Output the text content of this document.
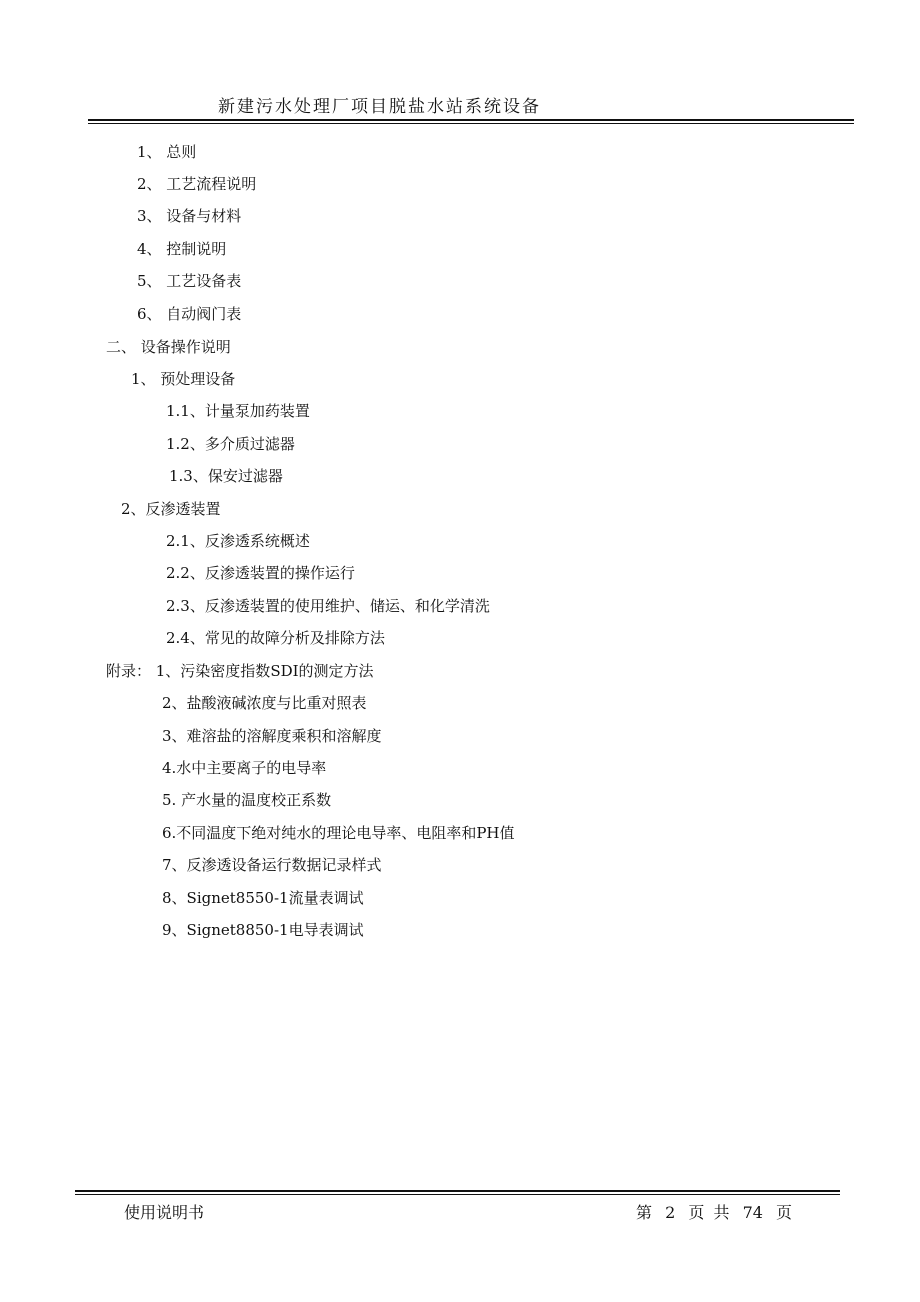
新建污水处理厂项目脱盐水站系统设备
1、 总则
2、 工艺流程说明
3、 设备与材料
4、 控制说明
5、 工艺设备表
6、 自动阀门表
二、 设备操作说明
1、 预处理设备
1.1、计量泵加药装置
1.2、多介质过滤器
1.3、保安过滤器
2、反渗透装置
2.1、反渗透系统概述
2.2、反渗透装置的操作运行
2.3、反渗透装置的使用维护、储运、和化学清洗
2.4、常见的故障分析及排除方法
附录： 1、污染密度指数SDI的测定方法
2、盐酸液碱浓度与比重对照表
3、难溶盐的溶解度乘积和溶解度
4.水中主要离子的电导率
5. 产水量的温度校正系数
6.不同温度下绝对纯水的理论电导率、电阻率和PH值
7、反渗透设备运行数据记录样式
8、Signet8550-1流量表调试
9、Signet8850-1电导表调试
使用说明书	第 2 页 共 74 页
